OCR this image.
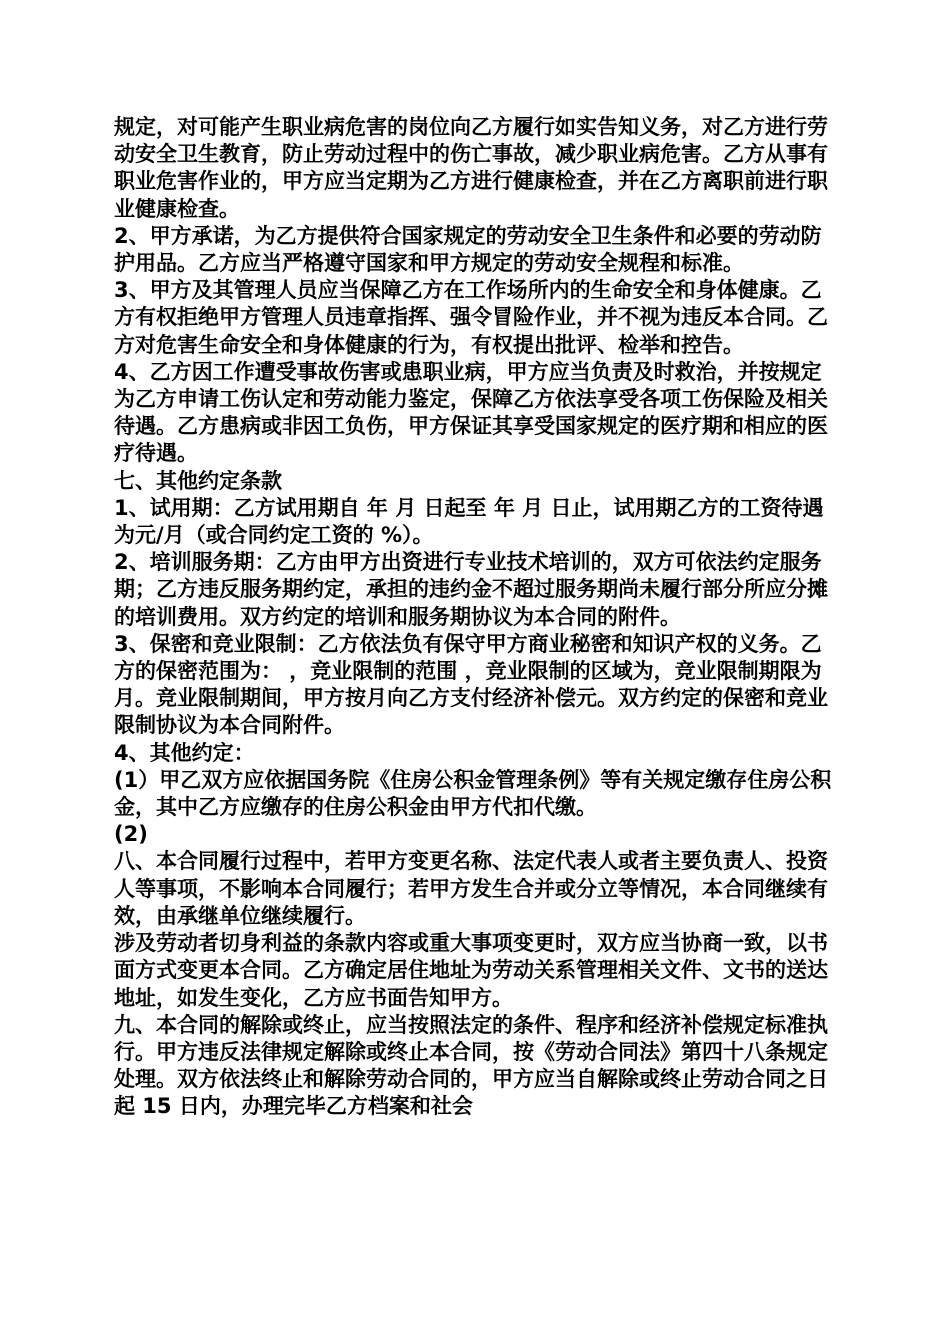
规定，对可能产生职业病危害的岗位向乙方履行如实告知义务，对乙方进行劳动安全卫生教育，防止劳动过程中的伤亡事故，减少职业病危害。乙方从事有职业危害作业的，甲方应当定期为乙方进行健康检查，并在乙方离职前进行职业健康检查。

2、甲方承诺，为乙方提供符合国家规定的劳动安全卫生条件和必要的劳动防护用品。乙方应当严格遵守国家和甲方规定的劳动安全规程和标准。

3、甲方及其管理人员应当保障乙方在工作场所内的生命安全和身体健康。乙方有权拒绝甲方管理人员违章指挥、强令冒险作业，并不视为违反本合同。乙方对危害生命安全和身体健康的行为，有权提出批评、检举和控告。

4、乙方因工作遭受事故伤害或患职业病，甲方应当负责及时救治，并按规定为乙方申请工伤认定和劳动能力鉴定，保障乙方依法享受各项工伤保险及相关待遇。乙方患病或非因工负伤，甲方保证其享受国家规定的医疗期和相应的医疗待遇。

七、其他约定条款

1、试用期：乙方试用期自 年 月 日起至 年 月 日止，试用期乙方的工资待遇为元/月（或合同约定工资的 %）。

2、培训服务期：乙方由甲方出资进行专业技术培训的，双方可依法约定服务期；乙方违反服务期约定，承担的违约金不超过服务期尚未履行部分所应分摊的培训费用。双方约定的培训和服务期协议为本合同的附件。

3、保密和竞业限制：乙方依法负有保守甲方商业秘密和知识产权的义务。乙方的保密范围为： ，竞业限制的范围 ，竞业限制的区域为，竞业限制期限为月。竞业限制期间，甲方按月向乙方支付经济补偿元。双方约定的保密和竞业限制协议为本合同附件。

4、其他约定：

(1）甲乙双方应依据国务院《住房公积金管理条例》等有关规定缴存住房公积金，其中乙方应缴存的住房公积金由甲方代扣代缴。

(2)

八、本合同履行过程中，若甲方变更名称、法定代表人或者主要负责人、投资人等事项，不影响本合同履行；若甲方发生合并或分立等情况，本合同继续有效，由承继单位继续履行。

涉及劳动者切身利益的条款内容或重大事项变更时，双方应当协商一致，以书面方式变更本合同。乙方确定居住地址为劳动关系管理相关文件、文书的送达地址，如发生变化，乙方应书面告知甲方。

九、本合同的解除或终止，应当按照法定的条件、程序和经济补偿规定标准执行。甲方违反法律规定解除或终止本合同，按《劳动合同法》第四十八条规定处理。双方依法终止和解除劳动合同的，甲方应当自解除或终止劳动合同之日起 15 日内，办理完毕乙方档案和社会
